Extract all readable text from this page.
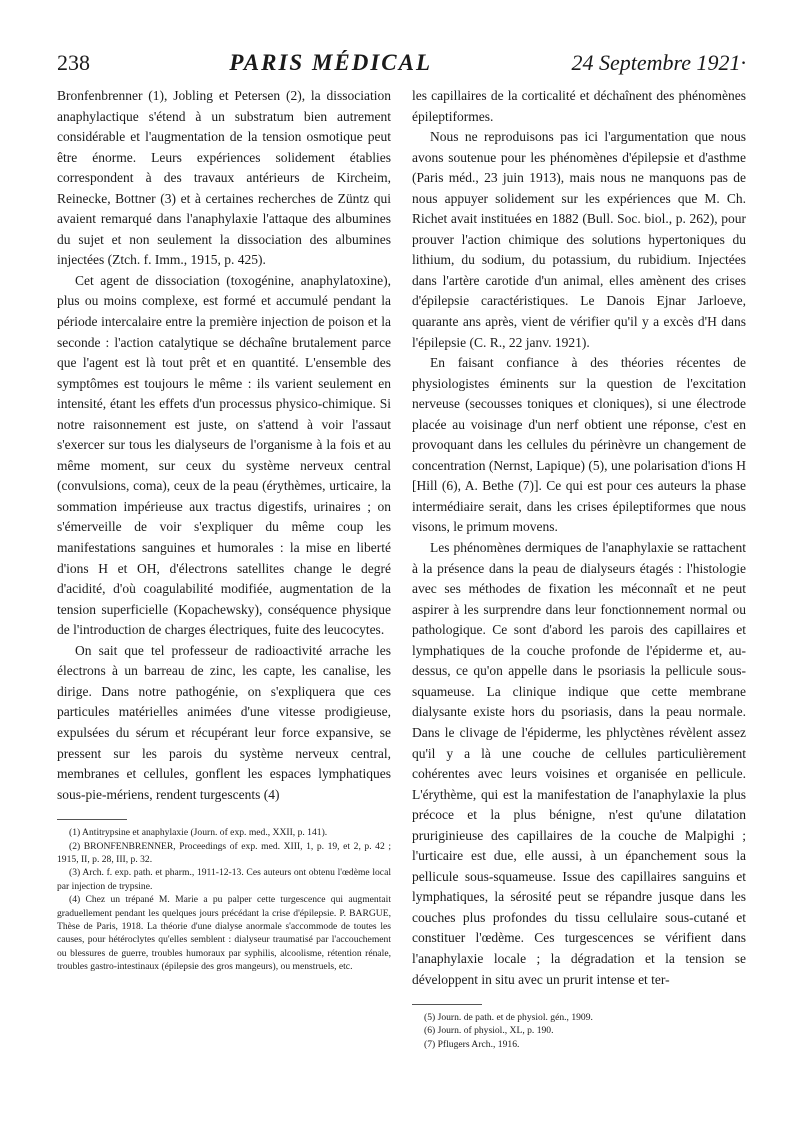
238	PARIS MÉDICAL	24 Septembre 1921·

Bronfenbrenner (1), Jobling et Petersen (2), la dissociation anaphylactique s'étend à un substratum bien autrement considérable et l'augmentation de la tension osmotique peut être énorme. Leurs expériences solidement établies correspondent à des travaux antérieurs de Kircheim, Reinecke, Bottner (3) et à certaines recherches de Züntz qui avaient remarqué dans l'anaphylaxie l'attaque des albumines du sujet et non seulement la dissociation des albumines injectées (Ztch. f. Imm., 1915, p. 425).

Cet agent de dissociation (toxogénine, anaphylatoxine), plus ou moins complexe, est formé et accumulé pendant la période intercalaire entre la première injection de poison et la seconde : l'action catalytique se déchaîne brutalement parce que l'agent est là tout prêt et en quantité. L'ensemble des symptômes est toujours le même : ils varient seulement en intensité, étant les effets d'un processus physico-chimique. Si notre raisonnement est juste, on s'attend à voir l'assaut s'exercer sur tous les dialyseurs de l'organisme à la fois et au même moment, sur ceux du système nerveux central (convulsions, coma), ceux de la peau (érythèmes, urticaire, la sommation impérieuse aux tractus digestifs, urinaires ; on s'émerveille de voir s'expliquer du même coup les manifestations sanguines et humorales : la mise en liberté d'ions H et OH, d'électrons satellites change le degré d'acidité, d'où coagulabilité modifiée, augmentation de la tension superficielle (Kopachewsky), conséquence physique de l'introduction de charges électriques, fuite des leucocytes.

On sait que tel professeur de radioactivité arrache les électrons à un barreau de zinc, les capte, les canalise, les dirige. Dans notre pathogénie, on s'expliquera que ces particules matérielles animées d'une vitesse prodigieuse, expulsées du sérum et récupérant leur force expansive, se pressent sur les parois du système nerveux central, membranes et cellules, gonflent les espaces lymphatiques sous-pie-mériens, rendent turgescents (4)

(1) Antitrypsine et anaphylaxie (Journ. of exp. med., XXII, p. 141).

(2) BRONFENBRENNER, Proceedings of exp. med. XIII, 1, p. 19, et 2, p. 42 ; 1915, II, p. 28, III, p. 32.

(3) Arch. f. exp. path. et pharm., 1911-12-13. Ces auteurs ont obtenu l'œdème local par injection de trypsine.

(4) Chez un trépané M. Marie a pu palper cette turgescence qui augmentait graduellement pendant les quelques jours précédant la crise d'épilepsie. P. BARGUE, Thèse de Paris, 1918. La théorie d'une dialyse anormale s'accommode de toutes les causes, pour hétéroclytes qu'elles semblent : dialyseur traumatisé par l'accouchement ou blessures de guerre, troubles humoraux par syphilis, alcoolisme, rétention rénale, troubles gastro-intestinaux (épilepsie des gros mangeurs), ou menstruels, etc.

les capillaires de la corticalité et déchaînent des phénomènes épileptiformes.

Nous ne reproduisons pas ici l'argumentation que nous avons soutenue pour les phénomènes d'épilepsie et d'asthme (Paris méd., 23 juin 1913), mais nous ne manquons pas de nous appuyer solidement sur les expériences que M. Ch. Richet avait instituées en 1882 (Bull. Soc. biol., p. 262), pour prouver l'action chimique des solutions hypertoniques du lithium, du sodium, du potassium, du rubidium. Injectées dans l'artère carotide d'un animal, elles amènent des crises d'épilepsie caractéristiques. Le Danois Ejnar Jarloeve, quarante ans après, vient de vérifier qu'il y a excès d'H dans l'épilepsie (C. R., 22 janv. 1921).

En faisant confiance à des théories récentes de physiologistes éminents sur la question de l'excitation nerveuse (secousses toniques et cloniques), si une électrode placée au voisinage d'un nerf obtient une réponse, c'est en provoquant dans les cellules du périnèvre un changement de concentration (Nernst, Lapique) (5), une polarisation d'ions H [Hill (6), A. Bethe (7)]. Ce qui est pour ces auteurs la phase intermédiaire serait, dans les crises épileptiformes que nous visons, le primum movens.

Les phénomènes dermiques de l'anaphylaxie se rattachent à la présence dans la peau de dialyseurs étagés : l'histologie avec ses méthodes de fixation les méconnaît et ne peut aspirer à les surprendre dans leur fonctionnement normal ou pathologique. Ce sont d'abord les parois des capillaires et lymphatiques de la couche profonde de l'épiderme et, au-dessus, ce qu'on appelle dans le psoriasis la pellicule sous-squameuse. La clinique indique que cette membrane dialysante existe hors du psoriasis, dans la peau normale. Dans le clivage de l'épiderme, les phlyctènes révèlent assez qu'il y a là une couche de cellules particulièrement cohérentes avec leurs voisines et organisée en pellicule. L'érythème, qui est la manifestation de l'anaphylaxie la plus précoce et la plus bénigne, n'est qu'une dilatation pruriginieuse des capillaires de la couche de Malpighi ; l'urticaire est due, elle aussi, à un épanchement sous la pellicule sous-squameuse. Issue des capillaires sanguins et lymphatiques, la sérosité peut se répandre jusque dans les couches plus profondes du tissu cellulaire sous-cutané et constituer l'œdème. Ces turgescences se vérifient dans l'anaphylaxie locale ; la dégradation et la tension se développent in situ avec un prurit intense et ter-

(5) Journ. de path. et de physiol. gén., 1909.

(6) Journ. of physiol., XL, p. 190.

(7) Pflugers Arch., 1916.
